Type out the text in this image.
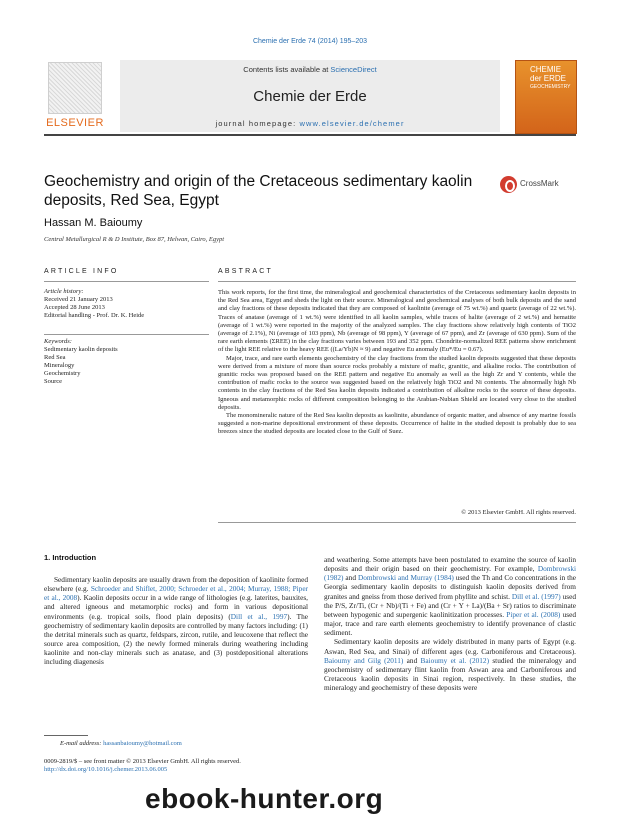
Chemie der Erde 74 (2014) 195–203
ELSEVIER
Contents lists available at ScienceDirect
Chemie der Erde
journal homepage: www.elsevier.de/chemer
CHEMIE
der ERDE
GEOCHEMISTRY
Geochemistry and origin of the Cretaceous sedimentary kaolin deposits, Red Sea, Egypt
CrossMark
Hassan M. Baioumy
Central Metallurgical R & D Institute, Box 87, Helwan, Cairo, Egypt
ARTICLE INFO	ABSTRACT
Article history:
Received 21 January 2013
Accepted 28 June 2013
Editorial handling - Prof. Dr. K. Heide
Keywords:
Sedimentary kaolin deposits
Red Sea
Mineralogy
Geochemistry
Source

This work reports, for the first time, the mineralogical and geochemical characteristics of the Cretaceous sedimentary kaolin deposits in the Red Sea area, Egypt and sheds the light on their source. Mineralogical and geochemical analyses of both bulk deposits and the sand and clay fractions of these deposits indicated that they are composed of kaolinite (average of 75 wt.%) and quartz (average of 22 wt.%). Traces of anatase (average of 1 wt.%) were identified in all kaolin samples, while traces of halite (average of 2 wt.%) and hematite (average of 1 wt.%) were reported in the majority of the analyzed samples. The clay fractions show relatively high contents of TiO2 (average of 2.1%), Ni (average of 103 ppm), Nb (average of 98 ppm), Y (average of 67 ppm), and Zr (average of 630 ppm). Sum of the rare earth elements (ΣREE) in the clay fractions varies between 193 and 352 ppm. Chondrite-normalized REE patterns show enrichment of the light REE relative to the heavy REE ((La/Yb)N ≈ 9) and negative Eu anomaly (Eu*/Eu = 0.67).

Major, trace, and rare earth elements geochemistry of the clay fractions from the studied kaolin deposits suggested that these deposits were derived from a mixture of more than source rocks probably a mixture of mafic, granitic, and alkaline rocks. The contribution of granitic rocks was proposed based on the REE pattern and negative Eu anomaly as well as the high Zr and Y contents, while the contribution of mafic rocks to the source was suggested based on the relatively high TiO2 and Ni contents. The abnormally high Nb contents in the clay fractions of the Red Sea kaolin deposits indicated a contribution of alkaline rocks to the source of these deposits. Igneous and metamorphic rocks of different composition belonging to the Arabian-Nubian Shield are located very close to the studied deposits.

The monomineralic nature of the Red Sea kaolin deposits as kaolinite, abundance of organic matter, and absence of any marine fossils suggested a non-marine depositional environment of these deposits. Occurrence of halite in the studied deposit is probably due to sea breezes since the studied deposits are located close to the Gulf of Suez.

© 2013 Elsevier GmbH. All rights reserved.
1. Introduction

Sedimentary kaolin deposits are usually drawn from the deposition of kaolinite formed elsewhere (e.g. Schroeder and Shiflet, 2000; Schroeder et al., 2004; Murray, 1988; Piper et al., 2008). Kaolin deposits occur in a wide range of lithologies (e.g. laterites, bauxites, and altered igneous and metamorphic rocks) and form in various depositional environments (e.g. tropical soils, flood plain deposits) (Dill et al., 1997). The geochemistry of sedimentary kaolin deposits are controlled by many factors including: (1) the detrital minerals such as quartz, feldspars, zircon, rutile, and leucoxene that reflect the source area composition, (2) the newly formed minerals during weathering including kaolinite and non-clay minerals such as anatase, and (3) postdepositional alterations including diagenesis

and weathering. Some attempts have been postulated to examine the source of kaolin deposits and their origin based on their geochemistry. For example, Dombrowski (1982) and Dombrowski and Murray (1984) used the Th and Co concentrations in the Georgia sedimentary kaolin deposits to distinguish kaolin deposits derived from granites and gneiss from those derived from phyllite and schist. Dill et al. (1997) used the P/S, Zr/Ti, (Cr + Nb)/(Ti + Fe) and (Cr + Y + La)/(Ba + Sr) ratios to discriminate between hypogenic and supergenic kaolinitization processes. Piper et al. (2008) used major, trace and rare earth elements geochemistry to identify provenance of clastic sediment.

Sedimentary kaolin deposits are widely distributed in many parts of Egypt (e.g. Aswan, Red Sea, and Sinai) of different ages (e.g. Carboniferous and Cretaceous). Baioumy and Gilg (2011) and Baioumy et al. (2012) studied the mineralogy and geochemistry of sedimentary flint kaolin from Aswan area and Carboniferous and Cretaceous kaolin deposits in Sinai region, respectively. In these studies, the mineralogy and geochemistry of these deposits were

E-mail address: hassanbaioumy@hotmail.com
0009-2819/$ – see front matter © 2013 Elsevier GmbH. All rights reserved.
http://dx.doi.org/10.1016/j.chemer.2013.06.005
ebook-hunter.org
